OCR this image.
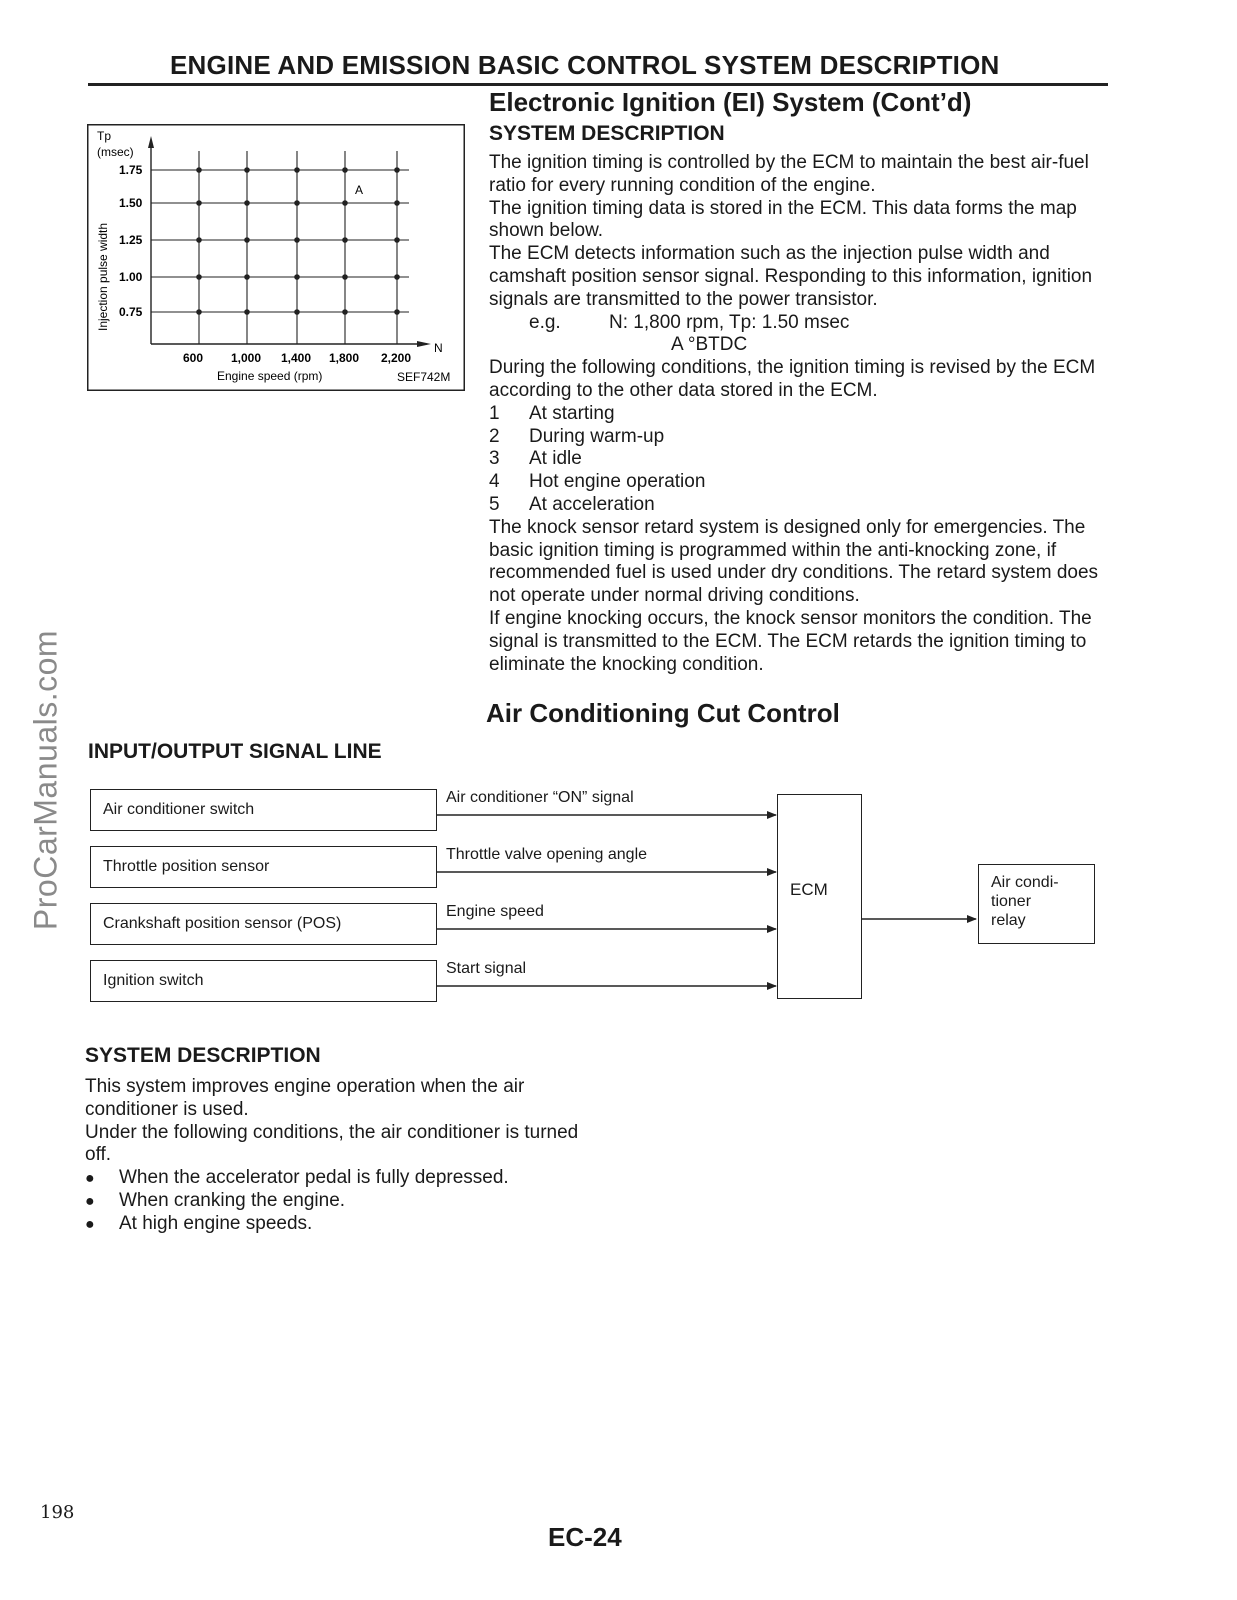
ENGINE AND EMISSION BASIC CONTROL SYSTEM DESCRIPTION
ProCarManuals.com
Tp
(msec)
Injection pulse width
1.75
1.50
1.25
1.00
0.75
600 1,000 1,400 1,800 2,200
A
N
Engine speed (rpm)	SEF742M
Electronic Ignition (EI) System (Cont’d)
SYSTEM DESCRIPTION

The ignition timing is controlled by the ECM to maintain the best air-fuel ratio for every running condition of the engine.

The ignition timing data is stored in the ECM. This data forms the map shown below.

The ECM detects information such as the injection pulse width and camshaft position sensor signal. Responding to this information, ignition signals are transmitted to the power transistor.

e.g.	N: 1,800 rpm, Tp: 1.50 msec
A °BTDC

During the following conditions, the ignition timing is revised by the ECM according to the other data stored in the ECM.

1	At starting
2	During warm-up
3	At idle
4	Hot engine operation
5	At acceleration

The knock sensor retard system is designed only for emergencies. The basic ignition timing is programmed within the anti-knocking zone, if recommended fuel is used under dry conditions. The retard system does not operate under normal driving conditions.

If engine knocking occurs, the knock sensor monitors the condition. The signal is transmitted to the ECM. The ECM retards the ignition timing to eliminate the knocking condition.

Air Conditioning Cut Control
INPUT/OUTPUT SIGNAL LINE
Air conditioner switch
Throttle position sensor
Crankshaft position sensor (POS)
Ignition switch
Air conditioner “ON” signal
Throttle valve opening angle
Engine speed
Start signal
ECM	Air condi-
tioner
relay
SYSTEM DESCRIPTION

This system improves engine operation when the air conditioner is used.

Under the following conditions, the air conditioner is turned off.

●	When the accelerator pedal is fully depressed.
●	When cranking the engine.
●	At high engine speeds.
198
EC-24
